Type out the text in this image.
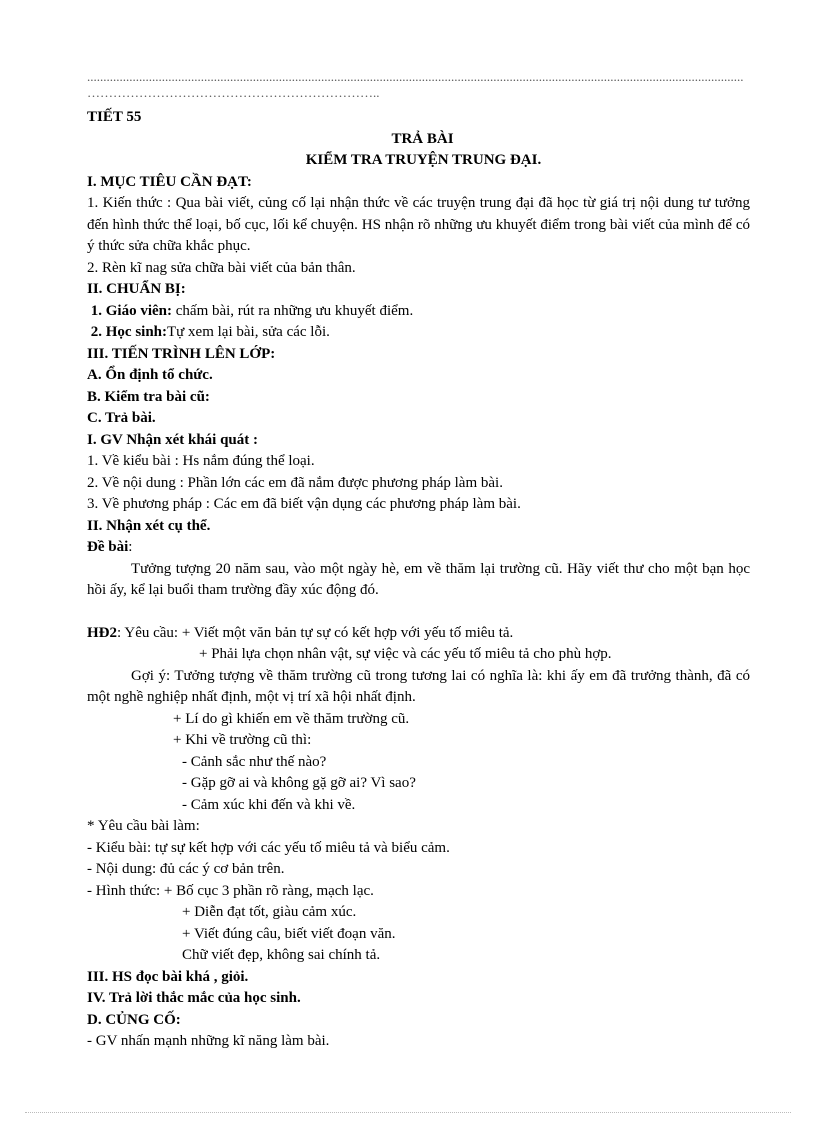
..........................................................................................................................................................................................................
…………………………………………………………..
TIẾT 55
TRẢ BÀI
KIỂM TRA TRUYỆN TRUNG ĐẠI.
I. MỤC TIÊU CẦN ĐẠT:
1. Kiến thức : Qua bài viết, củng cố lại nhận thức về các truyện trung đại đã học từ giá trị nội dung tư tưởng đến hình thức thể loại, bố cục, lối kể chuyện. HS nhận rõ những ưu khuyết điểm trong bài viết của mình để có ý thức sửa chữa khắc phục.
2. Rèn kĩ nag sửa chữa bài viết của bản thân.
II. CHUẨN BỊ:
1. Giáo viên: chấm bài, rút ra những ưu khuyết điểm.
2. Học sinh:Tự xem lại bài, sửa các lỗi.
III. TIẾN TRÌNH LÊN LỚP:
A. Ổn định tổ chức.
B. Kiểm tra bài cũ:
C. Trả bài.
I. GV Nhận xét khái quát :
1. Về kiểu bài : Hs nắm đúng thể loại.
2. Về nội dung : Phần lớn các em đã nắm được phương pháp làm bài.
3. Về phương pháp : Các em đã biết vận dụng các phương pháp làm bài.
II. Nhận xét cụ thể.
Đề bài:
Tưởng tượng 20 năm sau, vào một ngày hè, em về thăm lại trường cũ. Hãy viết thư cho một bạn học hồi ấy, kể lại buổi tham trường đầy xúc động đó.
HĐ2: Yêu cầu: + Viết một văn bản tự sự có kết hợp với yếu tố miêu tả.
+ Phải lựa chọn nhân vật, sự việc và các yếu tố miêu tả cho phù hợp.
Gợi ý: Tưởng tượng về thăm trường cũ trong tương lai có nghĩa là: khi ấy em đã trưởng thành, đã có một nghề nghiệp nhất định, một vị trí xã hội nhất định.
+ Lí do gì khiến em về thăm trường cũ.
+ Khi về trường cũ thì:
- Cảnh sắc như thế nào?
- Gặp gỡ ai và không gặ gỡ ai? Vì sao?
- Cảm xúc khi đến và khi về.
* Yêu cầu bài làm:
- Kiểu bài: tự sự kết hợp với các yếu tố miêu tả và biểu cảm.
- Nội dung: đủ các ý cơ bản trên.
- Hình thức: + Bố cục 3 phần rõ ràng, mạch lạc.
+ Diễn đạt tốt, giàu cảm xúc.
+ Viết đúng câu, biết viết đoạn văn.
Chữ viết đẹp, không sai chính tả.
III. HS đọc bài khá , giỏi.
IV. Trả lời thắc mắc của học sinh.
D. CỦNG CỐ:
- GV nhấn mạnh những kĩ năng làm bài.
